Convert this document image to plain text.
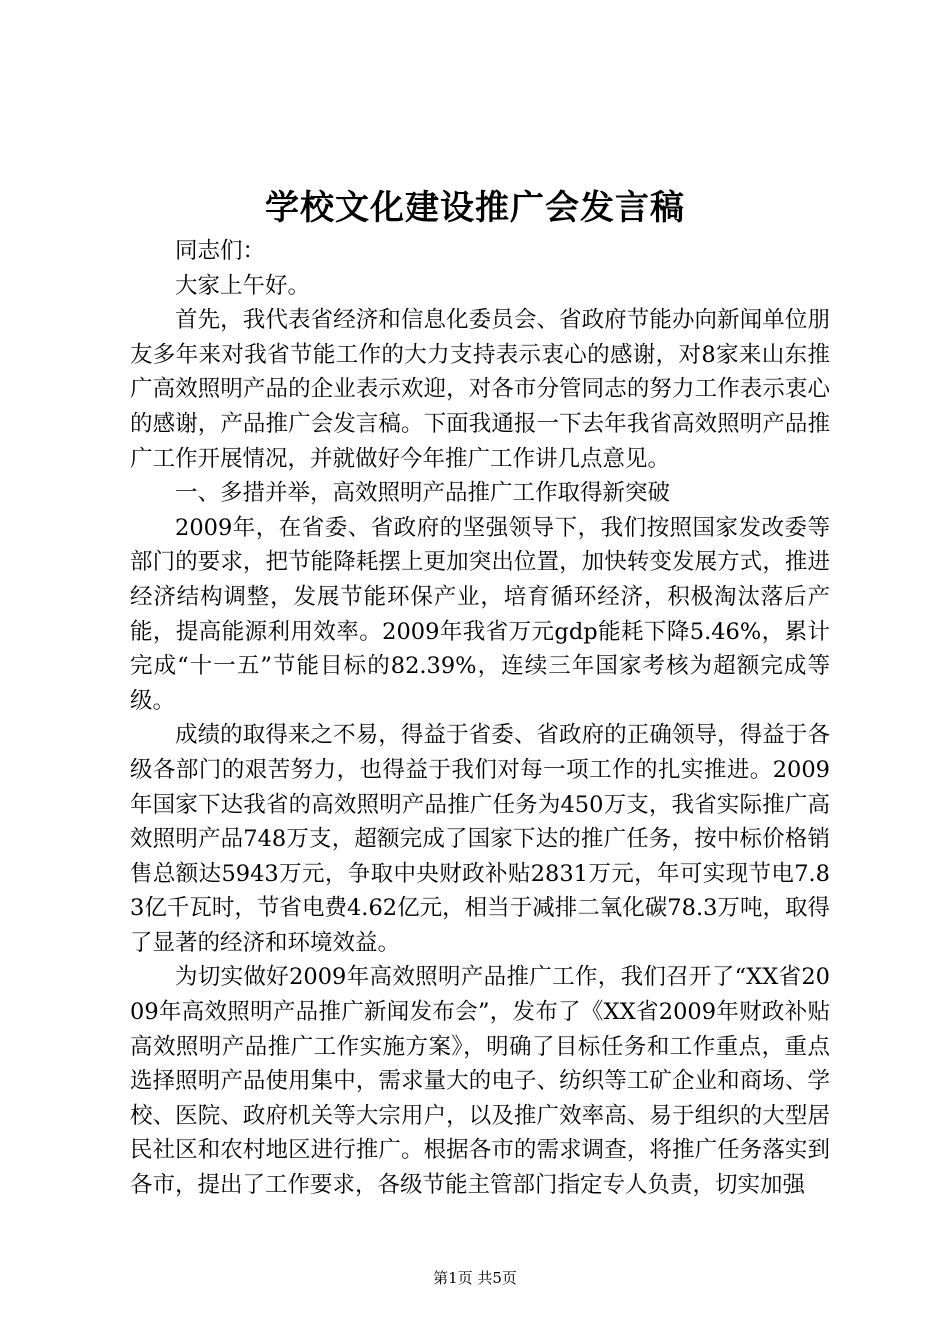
学校文化建设推广会发言稿

同志们：

大家上午好。

首先，我代表省经济和信息化委员会、省政府节能办向新闻单位朋友多年来对我省节能工作的大力支持表示衷心的感谢，对8家来山东推广高效照明产品的企业表示欢迎，对各市分管同志的努力工作表示衷心的感谢，产品推广会发言稿。下面我通报一下去年我省高效照明产品推广工作开展情况，并就做好今年推广工作讲几点意见。

一、多措并举，高效照明产品推广工作取得新突破

2009年，在省委、省政府的坚强领导下，我们按照国家发改委等部门的要求，把节能降耗摆上更加突出位置，加快转变发展方式，推进经济结构调整，发展节能环保产业，培育循环经济，积极淘汰落后产能，提高能源利用效率。2009年我省万元gdp能耗下降5.46%，累计完成“十一五”节能目标的82.39%，连续三年国家考核为超额完成等级。

成绩的取得来之不易，得益于省委、省政府的正确领导，得益于各级各部门的艰苦努力，也得益于我们对每一项工作的扎实推进。2009年国家下达我省的高效照明产品推广任务为450万支，我省实际推广高效照明产品748万支，超额完成了国家下达的推广任务，按中标价格销售总额达5943万元，争取中央财政补贴2831万元，年可实现节电7.83亿千瓦时，节省电费4.62亿元，相当于减排二氧化碳78.3万吨，取得了显著的经济和环境效益。

为切实做好2009年高效照明产品推广工作，我们召开了“XX省2009年高效照明产品推广新闻发布会”，发布了《XX省2009年财政补贴高效照明产品推广工作实施方案》，明确了目标任务和工作重点，重点选择照明产品使用集中，需求量大的电子、纺织等工矿企业和商场、学校、医院、政府机关等大宗用户，以及推广效率高、易于组织的大型居民社区和农村地区进行推广。根据各市的需求调查，将推广任务落实到各市，提出了工作要求，各级节能主管部门指定专人负责，切实加强

第1页 共5页
